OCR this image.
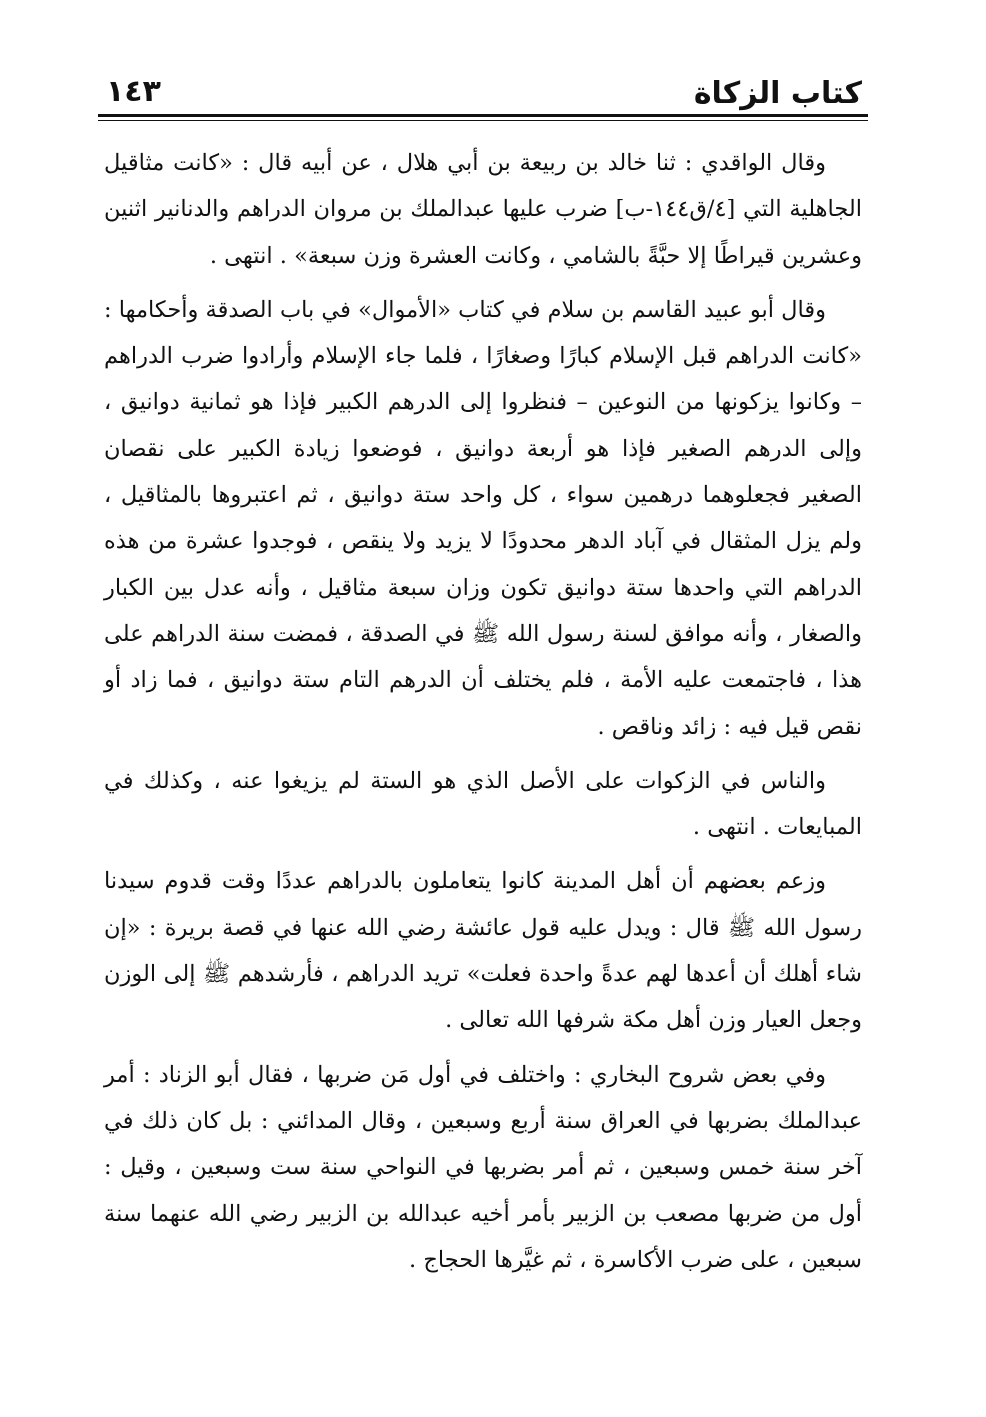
كتاب الزكاة
١٤٣

وقال الواقدي : ثنا خالد بن ربيعة بن أبي هلال ، عن أبيه قال : «كانت مثاقيل الجاهلية التي [٤/ق١٤٤-ب] ضرب عليها عبدالملك بن مروان الدراهم والدنانير اثنين وعشرين قيراطًا إلا حبَّةً بالشامي ، وكانت العشرة وزن سبعة» . انتهى .

وقال أبو عبيد القاسم بن سلام في كتاب «الأموال» في باب الصدقة وأحكامها : «كانت الدراهم قبل الإسلام كبارًا وصغارًا ، فلما جاء الإسلام وأرادوا ضرب الدراهم – وكانوا يزكونها من النوعين – فنظروا إلى الدرهم الكبير فإذا هو ثمانية دوانيق ، وإلى الدرهم الصغير فإذا هو أربعة دوانيق ، فوضعوا زيادة الكبير على نقصان الصغير فجعلوهما درهمين سواء ، كل واحد ستة دوانيق ، ثم اعتبروها بالمثاقيل ، ولم يزل المثقال في آباد الدهر محدودًا لا يزيد ولا ينقص ، فوجدوا عشرة من هذه الدراهم التي واحدها ستة دوانيق تكون وزان سبعة مثاقيل ، وأنه عدل بين الكبار والصغار ، وأنه موافق لسنة رسول الله ﷺ في الصدقة ، فمضت سنة الدراهم على هذا ، فاجتمعت عليه الأمة ، فلم يختلف أن الدرهم التام ستة دوانيق ، فما زاد أو نقص قيل فيه : زائد وناقص .

والناس في الزكوات على الأصل الذي هو الستة لم يزيغوا عنه ، وكذلك في المبايعات . انتهى .

وزعم بعضهم أن أهل المدينة كانوا يتعاملون بالدراهم عددًا وقت قدوم سيدنا رسول الله ﷺ قال : ويدل عليه قول عائشة رضي الله عنها في قصة بريرة : «إن شاء أهلك أن أعدها لهم عدةً واحدة فعلت» تريد الدراهم ، فأرشدهم ﷺ إلى الوزن وجعل العيار وزن أهل مكة شرفها الله تعالى .

وفي بعض شروح البخاري : واختلف في أول مَن ضربها ، فقال أبو الزناد : أمر عبدالملك بضربها في العراق سنة أربع وسبعين ، وقال المدائني : بل كان ذلك في آخر سنة خمس وسبعين ، ثم أمر بضربها في النواحي سنة ست وسبعين ، وقيل : أول من ضربها مصعب بن الزبير بأمر أخيه عبدالله بن الزبير رضي الله عنهما سنة سبعين ، على ضرب الأكاسرة ، ثم غيَّرها الحجاج .
